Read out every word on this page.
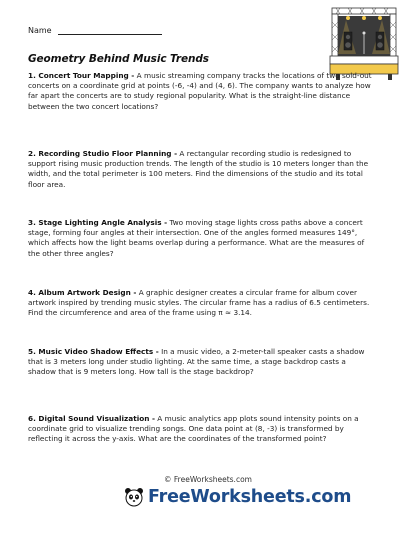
Name
Geometry Behind Music Trends
1. Concert Tour Mapping - A music streaming company tracks the locations of two sold-out concerts on a coordinate grid at points (-6, -4) and (4, 6). The company wants to analyze how far apart the concerts are to study regional popularity. What is the straight-line distance between the two concert locations?
2. Recording Studio Floor Planning - A rectangular recording studio is redesigned to support rising music production trends. The length of the studio is 10 meters longer than the width, and the total perimeter is 100 meters. Find the dimensions of the studio and its total floor area.
3. Stage Lighting Angle Analysis - Two moving stage lights cross paths above a concert stage, forming four angles at their intersection. One of the angles formed measures 149°, which affects how the light beams overlap during a performance. What are the measures of the other three angles?
4. Album Artwork Design - A graphic designer creates a circular frame for album cover artwork inspired by trending music styles. The circular frame has a radius of 6.5 centimeters. Find the circumference and area of the frame using π ≈ 3.14.
5. Music Video Shadow Effects - In a music video, a 2-meter-tall speaker casts a shadow that is 3 meters long under studio lighting. At the same time, a stage backdrop casts a shadow that is 9 meters long. How tall is the stage backdrop?
6. Digital Sound Visualization - A music analytics app plots sound intensity points on a coordinate grid to visualize trending songs. One data point at (8, -3) is transformed by reflecting it across the y-axis. What are the coordinates of the transformed point?
© FreeWorksheets.com
FreeWorksheets.com
